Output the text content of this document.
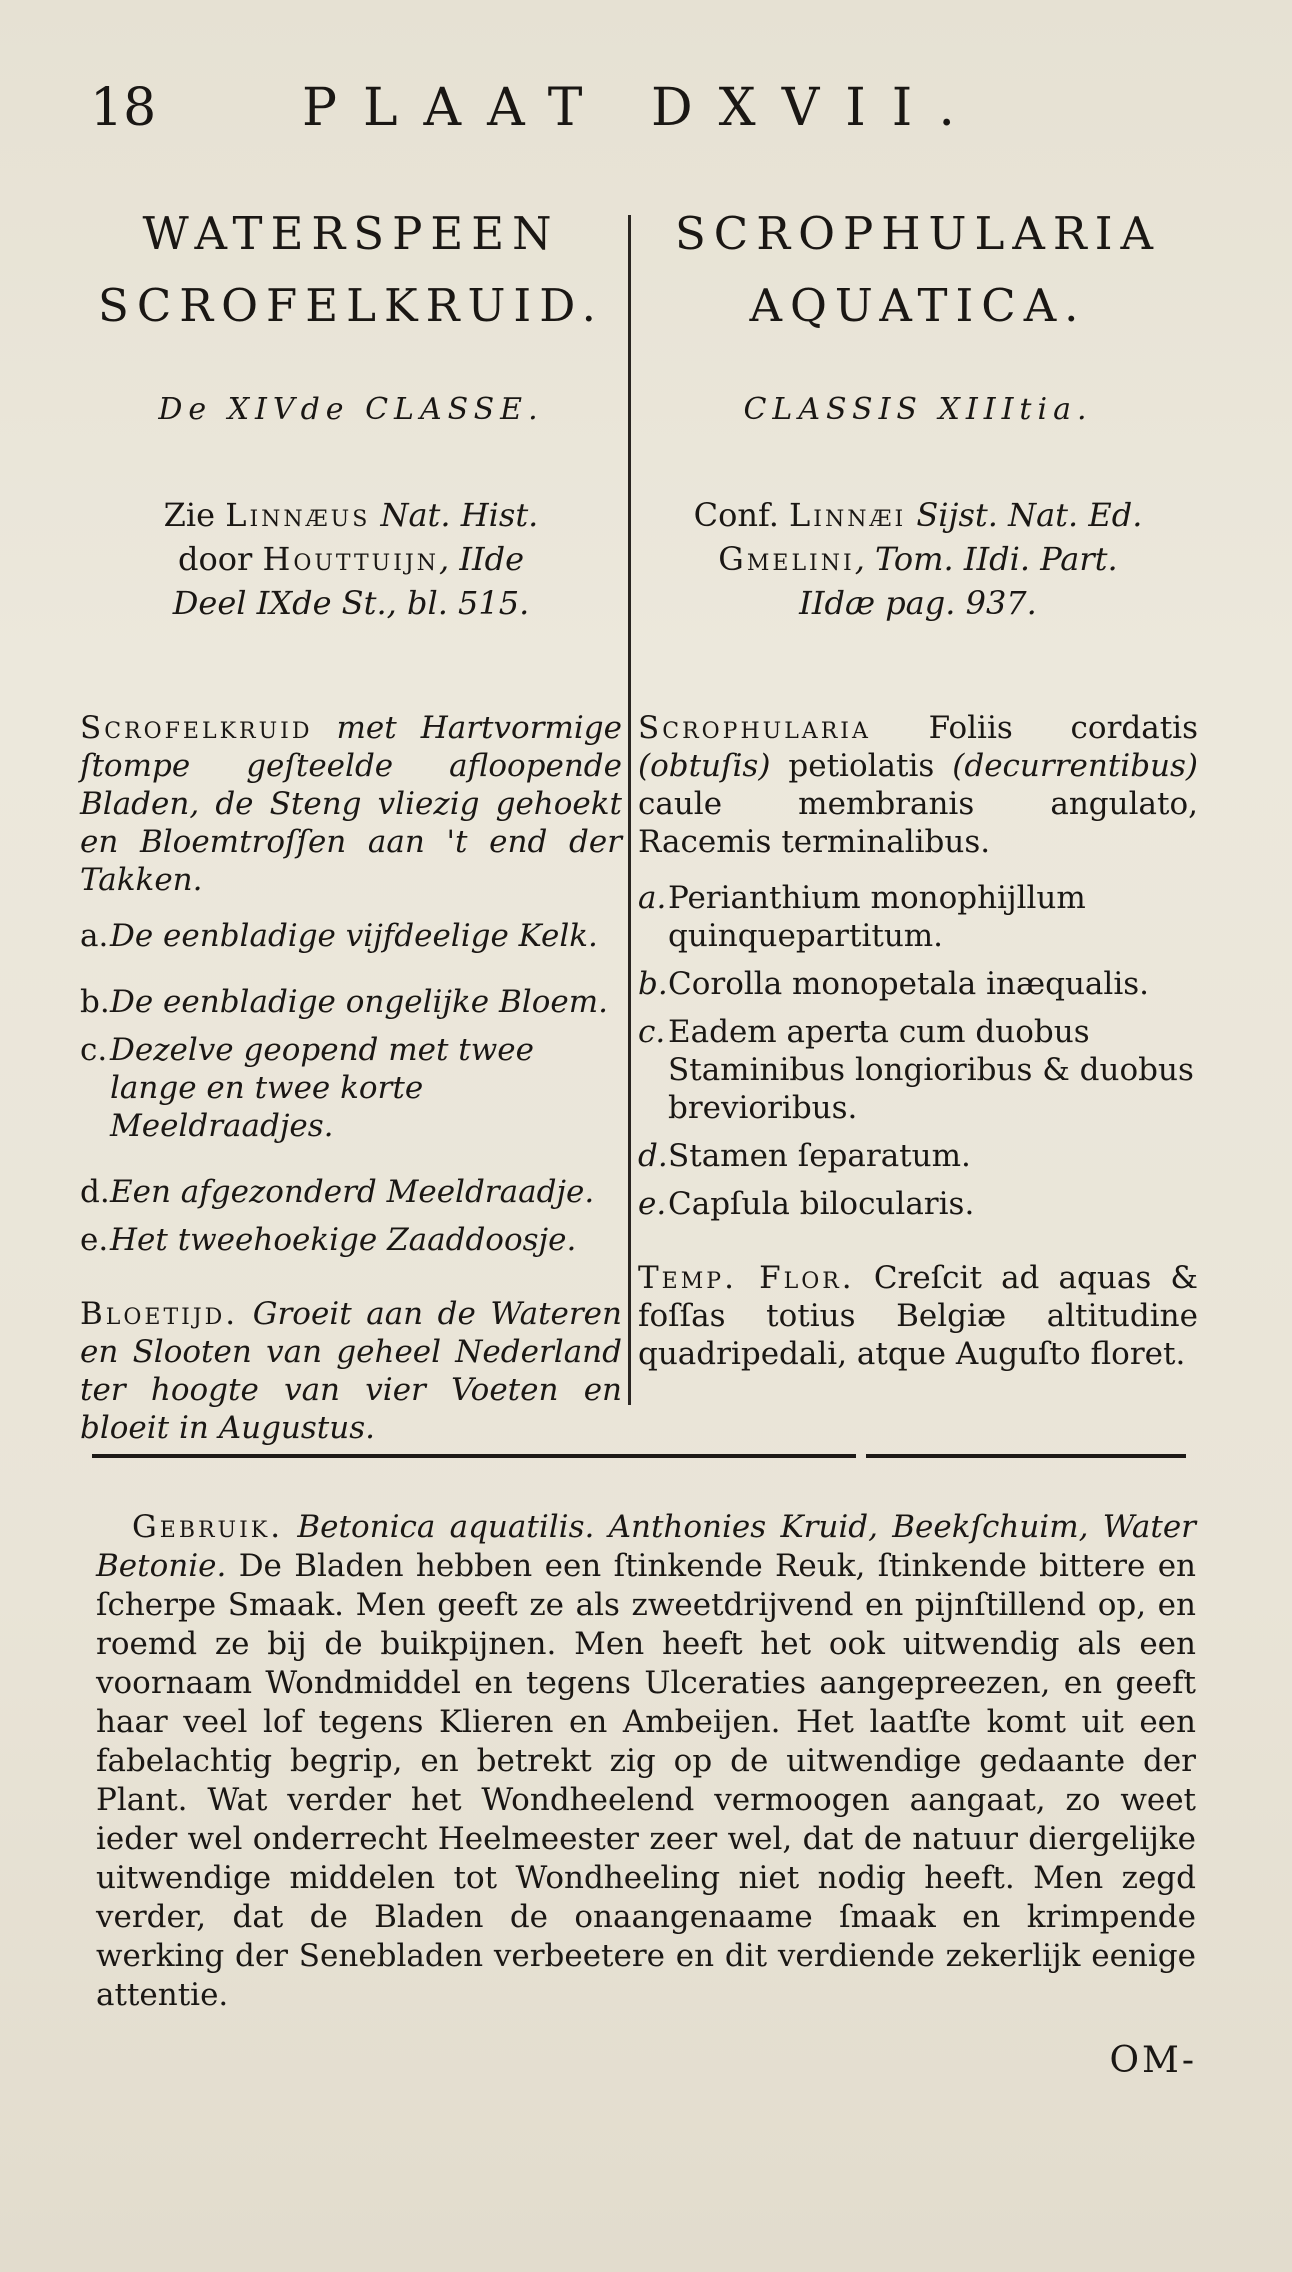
18	PLAAT DXVII.
WATERSPEEN
SCROFELKRUID.
De XIVde CLASSE.
Zie Linnæus Nat. Hist.
door Houttuijn, IIde
Deel IXde St., bl. 515.
Scrofelkruid met Hartvormige ſtompe geſteelde afloopende Bladen, de Steng vliezig gehoekt en Bloemtroſſen aan 't end der Takken.
a. De eenbladige vijfdeelige Kelk.
b. De eenbladige ongelijke Bloem.
c. Dezelve geopend met twee lange en twee korte Meeldraadjes.
d. Een afgezonderd Meeldraadje.
e. Het tweehoekige Zaaddoosje.
Bloetijd. Groeit aan de Wateren en Slooten van geheel Nederland ter hoogte van vier Voeten en bloeit in Augustus.
SCROPHULARIA
AQUATICA.
CLASSIS XIIItia.
Conf. Linnæi Sijst. Nat. Ed.
Gmelini, Tom. IIdi. Part.
IIdæ pag. 937.
Scrophularia Foliis cordatis (obtuſis) petiolatis (decurrentibus) caule membranis angulato, Racemis terminalibus.
a. Perianthium monophijllum quinquepartitum.
b. Corolla monopetala inæqualis.
c. Eadem aperta cum duobus Staminibus longioribus & duobus brevioribus.
d. Stamen ſeparatum.
e. Capſula bilocularis.
Temp. Flor. Creſcit ad aquas & foſſas totius Belgiæ altitudine quadripedali, atque Auguſto floret.
Gebruik. Betonica aquatilis. Anthonies Kruid, Beekſchuim, Water Betonie. De Bladen hebben een ſtinkende Reuk, ſtinkende bittere en ſcherpe Smaak. Men geeft ze als zweetdrijvend en pijnſtillend op, en roemd ze bij de buikpijnen. Men heeft het ook uitwendig als een voornaam Wondmiddel en tegens Ulceraties aangepreezen, en geeft haar veel lof tegens Klieren en Ambeijen. Het laatſte komt uit een fabelachtig begrip, en betrekt zig op de uitwendige gedaante der Plant. Wat verder het Wondheelend vermoogen aangaat, zo weet ieder wel onderrecht Heelmeester zeer wel, dat de natuur diergelijke uitwendige middelen tot Wondheeling niet nodig heeft. Men zegd verder, dat de Bladen de onaangenaame ſmaak en krimpende werking der Senebladen verbeetere en dit verdiende zekerlijk eenige attentie.
OM-
